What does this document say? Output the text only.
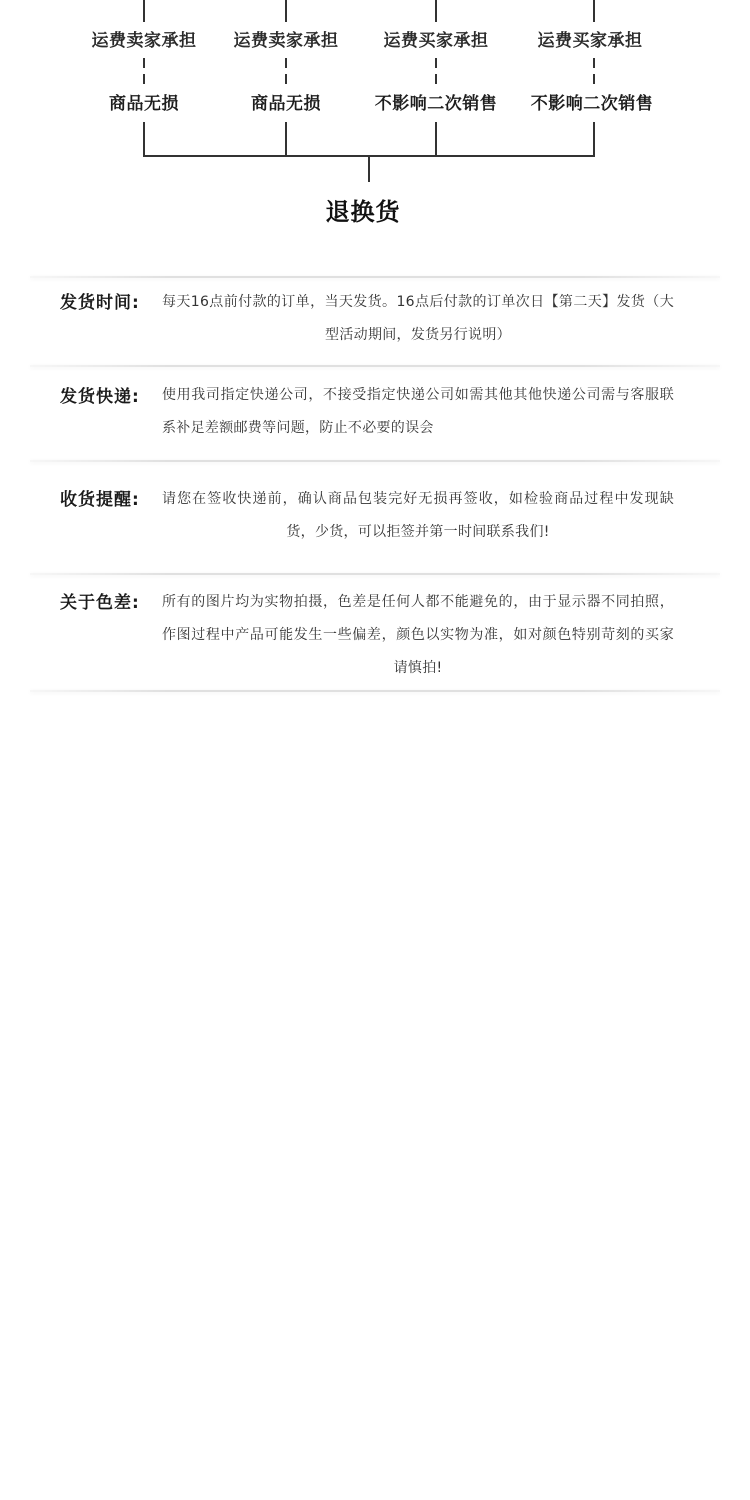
运费卖家承担	运费卖家承担	运费买家承担	运费买家承担
商品无损	商品无损	不影响二次销售	不影响二次销售
退换货
发货时间: 每天16点前付款的订单，当天发货。16点后付款的订单次日【第二天】发货（大型活动期间，发货另行说明）
发货快递: 使用我司指定快递公司，不接受指定快递公司如需其他其他快递公司需与客服联系补足差额邮费等问题，防止不必要的误会
收货提醒: 请您在签收快递前，确认商品包装完好无损再签收，如检验商品过程中发现缺货，少货，可以拒签并第一时间联系我们!
关于色差: 所有的图片均为实物拍摄，色差是任何人都不能避免的，由于显示器不同拍照，作图过程中产品可能发生一些偏差，颜色以实物为准，如对颜色特别苛刻的买家请慎拍!
